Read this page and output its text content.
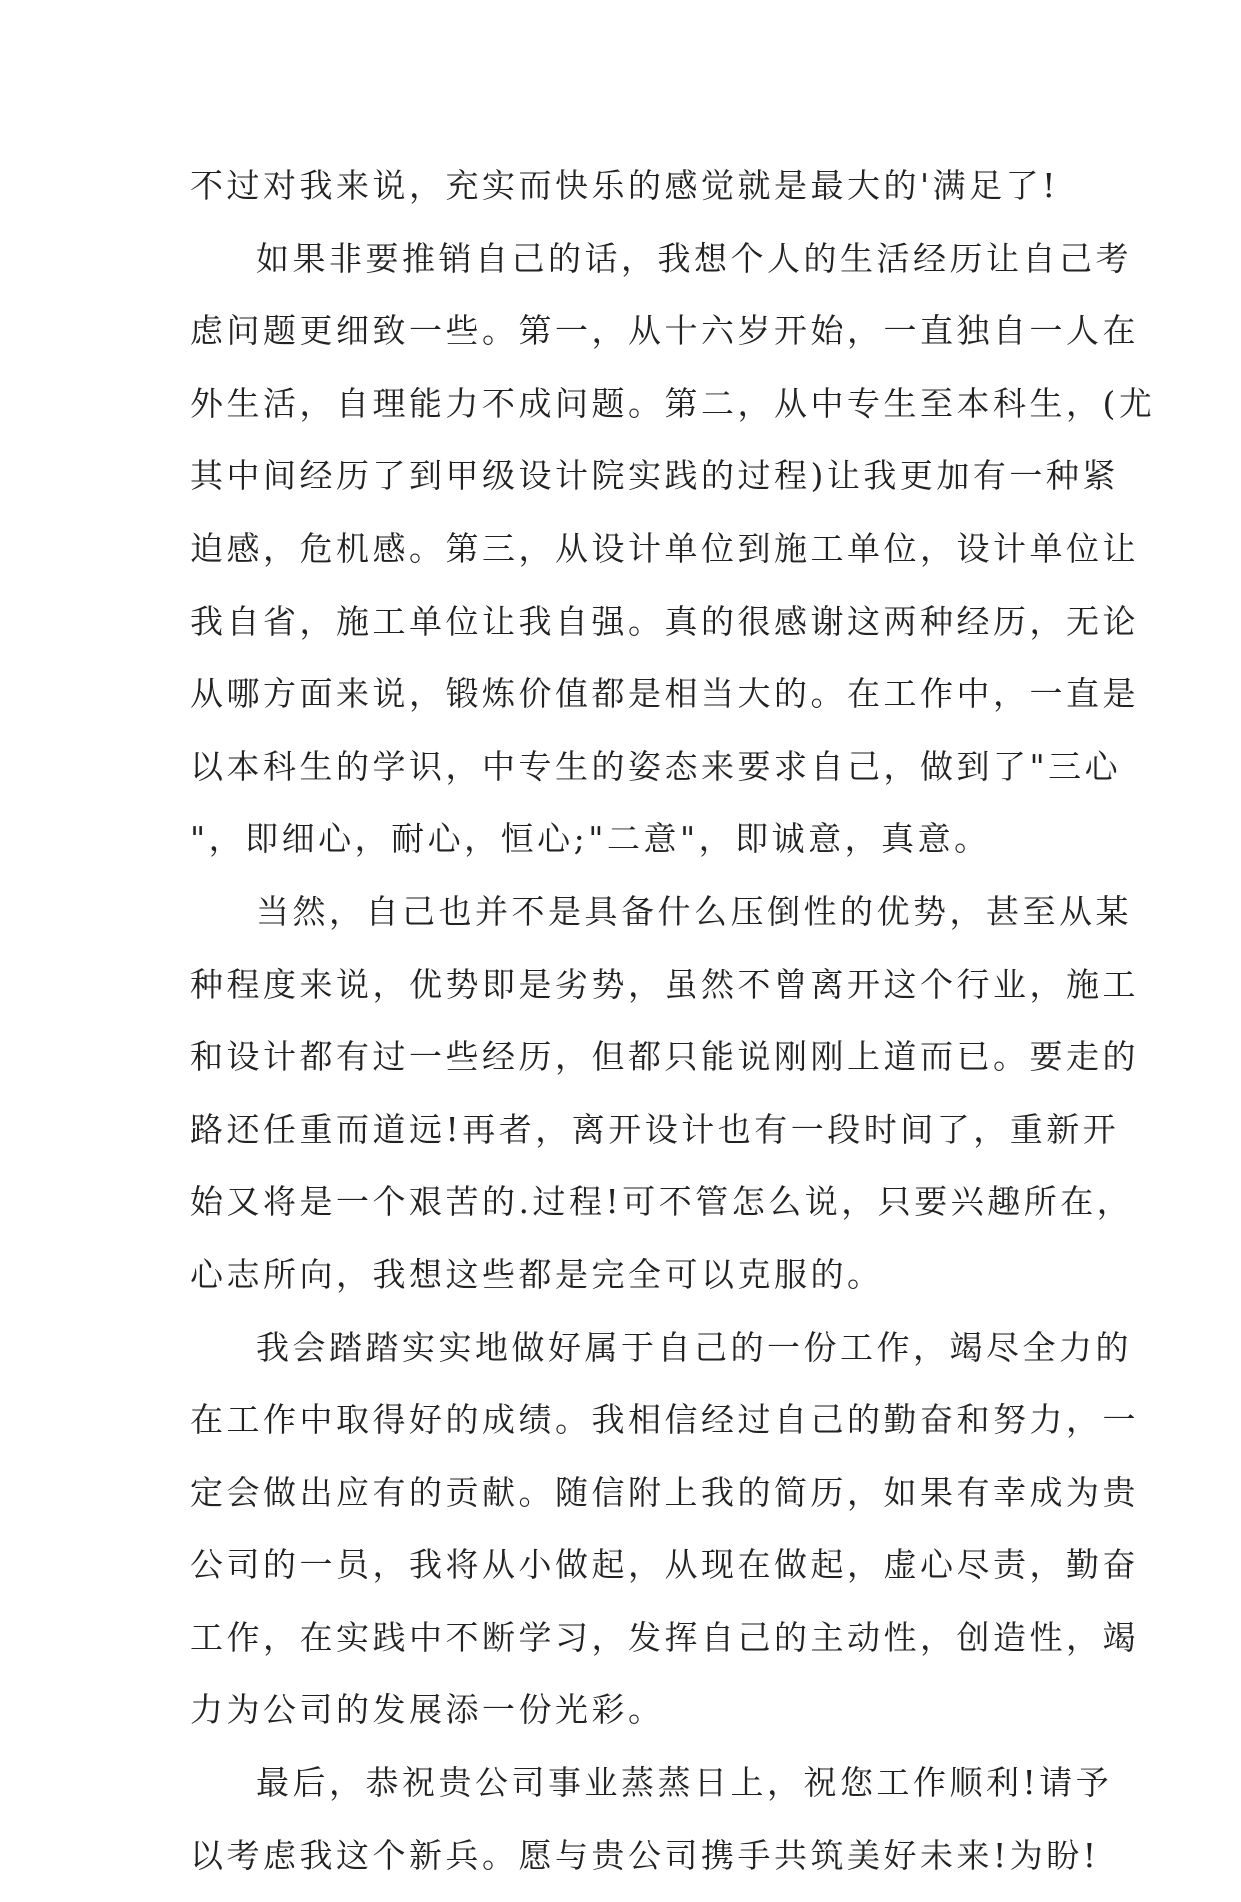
不过对我来说，充实而快乐的感觉就是最大的'满足了!
如果非要推销自己的话，我想个人的生活经历让自己考
虑问题更细致一些。第一，从十六岁开始，一直独自一人在
外生活，自理能力不成问题。第二，从中专生至本科生，(尤
其中间经历了到甲级设计院实践的过程)让我更加有一种紧
迫感，危机感。第三，从设计单位到施工单位，设计单位让
我自省，施工单位让我自强。真的很感谢这两种经历，无论
从哪方面来说，锻炼价值都是相当大的。在工作中，一直是
以本科生的学识，中专生的姿态来要求自己，做到了"三心
"，即细心，耐心，恒心;"二意"，即诚意，真意。
当然，自己也并不是具备什么压倒性的优势，甚至从某
种程度来说，优势即是劣势，虽然不曾离开这个行业，施工
和设计都有过一些经历，但都只能说刚刚上道而已。要走的
路还任重而道远!再者，离开设计也有一段时间了，重新开
始又将是一个艰苦的.过程!可不管怎么说，只要兴趣所在，
心志所向，我想这些都是完全可以克服的。
我会踏踏实实地做好属于自己的一份工作，竭尽全力的
在工作中取得好的成绩。我相信经过自己的勤奋和努力，一
定会做出应有的贡献。随信附上我的简历，如果有幸成为贵
公司的一员，我将从小做起，从现在做起，虚心尽责，勤奋
工作，在实践中不断学习，发挥自己的主动性，创造性，竭
力为公司的发展添一份光彩。
最后，恭祝贵公司事业蒸蒸日上，祝您工作顺利!请予
以考虑我这个新兵。愿与贵公司携手共筑美好未来!为盼!
